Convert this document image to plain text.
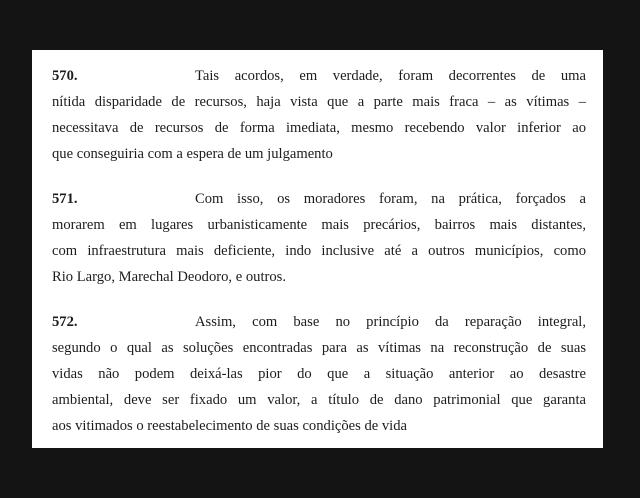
570.	Tais acordos, em verdade, foram decorrentes de uma
nítida disparidade de recursos, haja vista que a parte mais fraca – as vítimas –
necessitava de recursos de forma imediata, mesmo recebendo valor inferior ao
que conseguiria com a espera de um julgamento
571.	Com isso, os moradores foram, na prática, forçados a
morarem em lugares urbanisticamente mais precários, bairros mais distantes,
com infraestrutura mais deficiente, indo inclusive até a outros municípios, como
Rio Largo, Marechal Deodoro, e outros.
572.	Assim, com base no princípio da reparação integral,
segundo o qual as soluções encontradas para as vítimas na reconstrução de suas
vidas não podem deixá-las pior do que a situação anterior ao desastre
ambiental, deve ser fixado um valor, a título de dano patrimonial que garanta
aos vitimados o reestabelecimento de suas condições de vida
